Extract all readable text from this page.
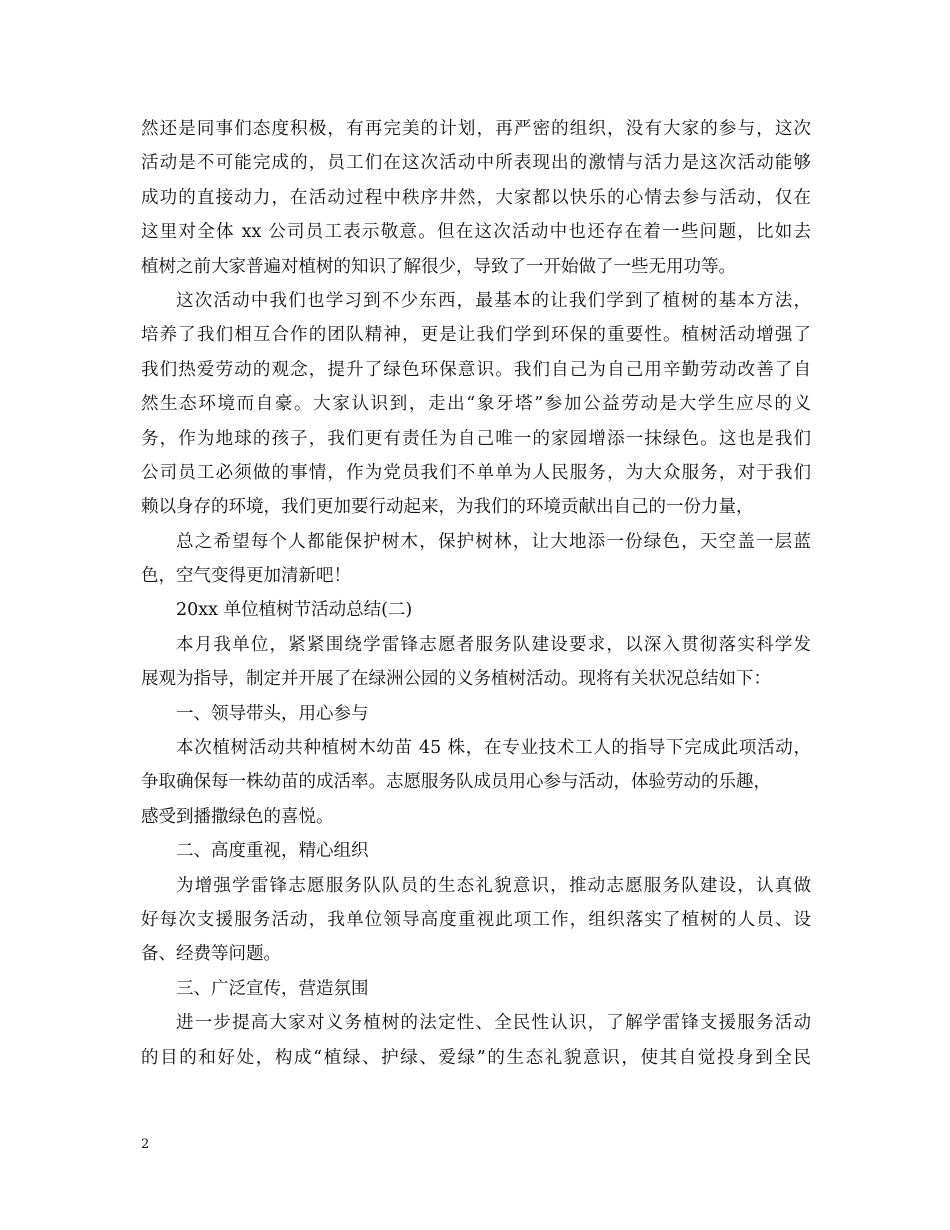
然还是同事们态度积极，有再完美的计划，再严密的组织，没有大家的参与，这次
活动是不可能完成的，员工们在这次活动中所表现出的激情与活力是这次活动能够
成功的直接动力，在活动过程中秩序井然，大家都以快乐的心情去参与活动，仅在
这里对全体 xx 公司员工表示敬意。但在这次活动中也还存在着一些问题，比如去
植树之前大家普遍对植树的知识了解很少，导致了一开始做了一些无用功等。
这次活动中我们也学习到不少东西，最基本的让我们学到了植树的基本方法，
培养了我们相互合作的团队精神，更是让我们学到环保的重要性。植树活动增强了
我们热爱劳动的观念，提升了绿色环保意识。我们自己为自己用辛勤劳动改善了自
然生态环境而自豪。大家认识到，走出“象牙塔”参加公益劳动是大学生应尽的义
务，作为地球的孩子，我们更有责任为自己唯一的家园增添一抹绿色。这也是我们
公司员工必须做的事情，作为党员我们不单单为人民服务，为大众服务，对于我们
赖以身存的环境，我们更加要行动起来，为我们的环境贡献出自己的一份力量，
总之希望每个人都能保护树木，保护树林，让大地添一份绿色，天空盖一层蓝
色，空气变得更加清新吧！
20xx 单位植树节活动总结(二)
本月我单位，紧紧围绕学雷锋志愿者服务队建设要求，以深入贯彻落实科学发
展观为指导，制定并开展了在绿洲公园的义务植树活动。现将有关状况总结如下：
一、领导带头，用心参与
本次植树活动共种植树木幼苗 45 株，在专业技术工人的指导下完成此项活动，
争取确保每一株幼苗的成活率。志愿服务队成员用心参与活动，体验劳动的乐趣，
感受到播撒绿色的喜悦。
二、高度重视，精心组织
为增强学雷锋志愿服务队队员的生态礼貌意识，推动志愿服务队建设，认真做
好每次支援服务活动，我单位领导高度重视此项工作，组织落实了植树的人员、设
备、经费等问题。
三、广泛宣传，营造氛围
进一步提高大家对义务植树的法定性、全民性认识，了解学雷锋支援服务活动
的目的和好处，构成“植绿、护绿、爱绿”的生态礼貌意识，使其自觉投身到全民
2
